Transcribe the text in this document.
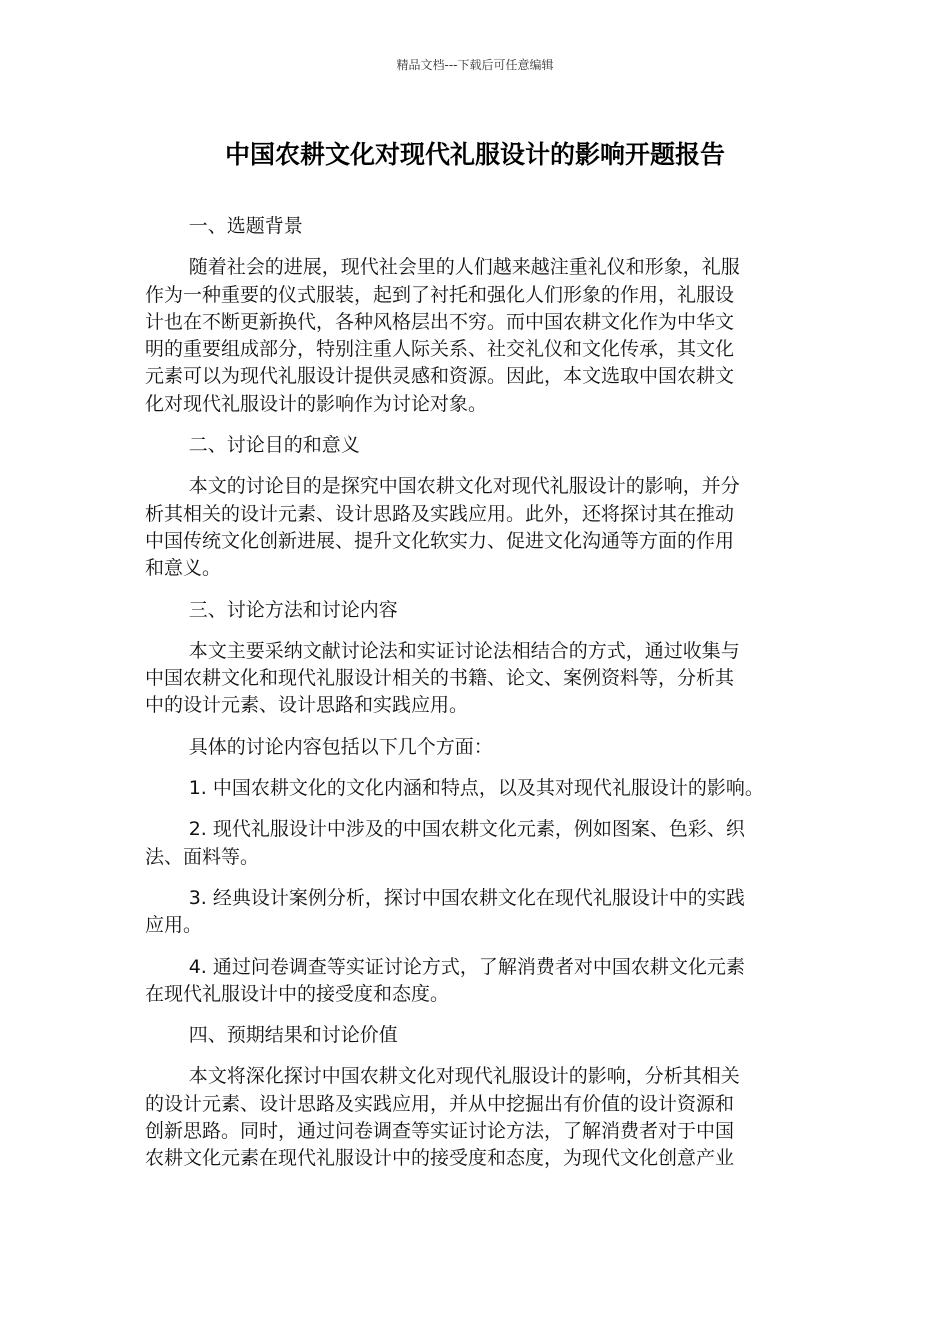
精品文档---下载后可任意编辑
中国农耕文化对现代礼服设计的影响开题报告

一、选题背景

随着社会的进展，现代社会里的人们越来越注重礼仪和形象，礼服
作为一种重要的仪式服装，起到了衬托和强化人们形象的作用，礼服设
计也在不断更新换代，各种风格层出不穷。而中国农耕文化作为中华文
明的重要组成部分，特别注重人际关系、社交礼仪和文化传承，其文化
元素可以为现代礼服设计提供灵感和资源。因此，本文选取中国农耕文
化对现代礼服设计的影响作为讨论对象。

二、讨论目的和意义

本文的讨论目的是探究中国农耕文化对现代礼服设计的影响，并分
析其相关的设计元素、设计思路及实践应用。此外，还将探讨其在推动
中国传统文化创新进展、提升文化软实力、促进文化沟通等方面的作用
和意义。

三、讨论方法和讨论内容

本文主要采纳文献讨论法和实证讨论法相结合的方式，通过收集与
中国农耕文化和现代礼服设计相关的书籍、论文、案例资料等，分析其
中的设计元素、设计思路和实践应用。

具体的讨论内容包括以下几个方面：

1. 中国农耕文化的文化内涵和特点，以及其对现代礼服设计的影响。

2. 现代礼服设计中涉及的中国农耕文化元素，例如图案、色彩、织
法、面料等。

3. 经典设计案例分析，探讨中国农耕文化在现代礼服设计中的实践
应用。

4. 通过问卷调查等实证讨论方式，了解消费者对中国农耕文化元素
在现代礼服设计中的接受度和态度。

四、预期结果和讨论价值

本文将深化探讨中国农耕文化对现代礼服设计的影响，分析其相关
的设计元素、设计思路及实践应用，并从中挖掘出有价值的设计资源和
创新思路。同时，通过问卷调查等实证讨论方法，了解消费者对于中国
农耕文化元素在现代礼服设计中的接受度和态度，为现代文化创意产业
